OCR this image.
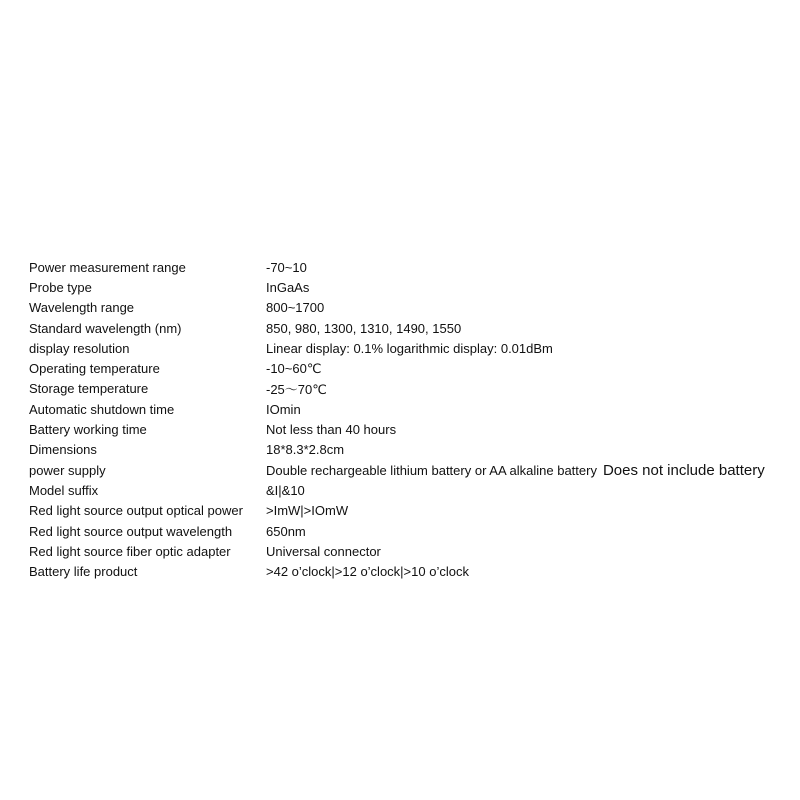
Power measurement range	-70~10
Probe type	InGaAs
Wavelength range	800~1700
Standard wavelength (nm)	850, 980, 1300, 1310, 1490, 1550
display resolution	Linear display: 0.1% logarithmic display: 0.01dBm
Operating temperature	-10~60℃
Storage temperature	-25～70℃
Automatic shutdown time	IOmin
Battery working time	Not less than 40 hours
Dimensions	18*8.3*2.8cm
power supply	Double rechargeable lithium battery or AA alkaline battery Does not include battery
Model suffix	&I|&10
Red light source output optical power	>ImW|>IOmW
Red light source output wavelength	650nm
Red light source fiber optic adapter	Universal connector
Battery life product	>42 o’clock|>12 o’clock|>10 o’clock
